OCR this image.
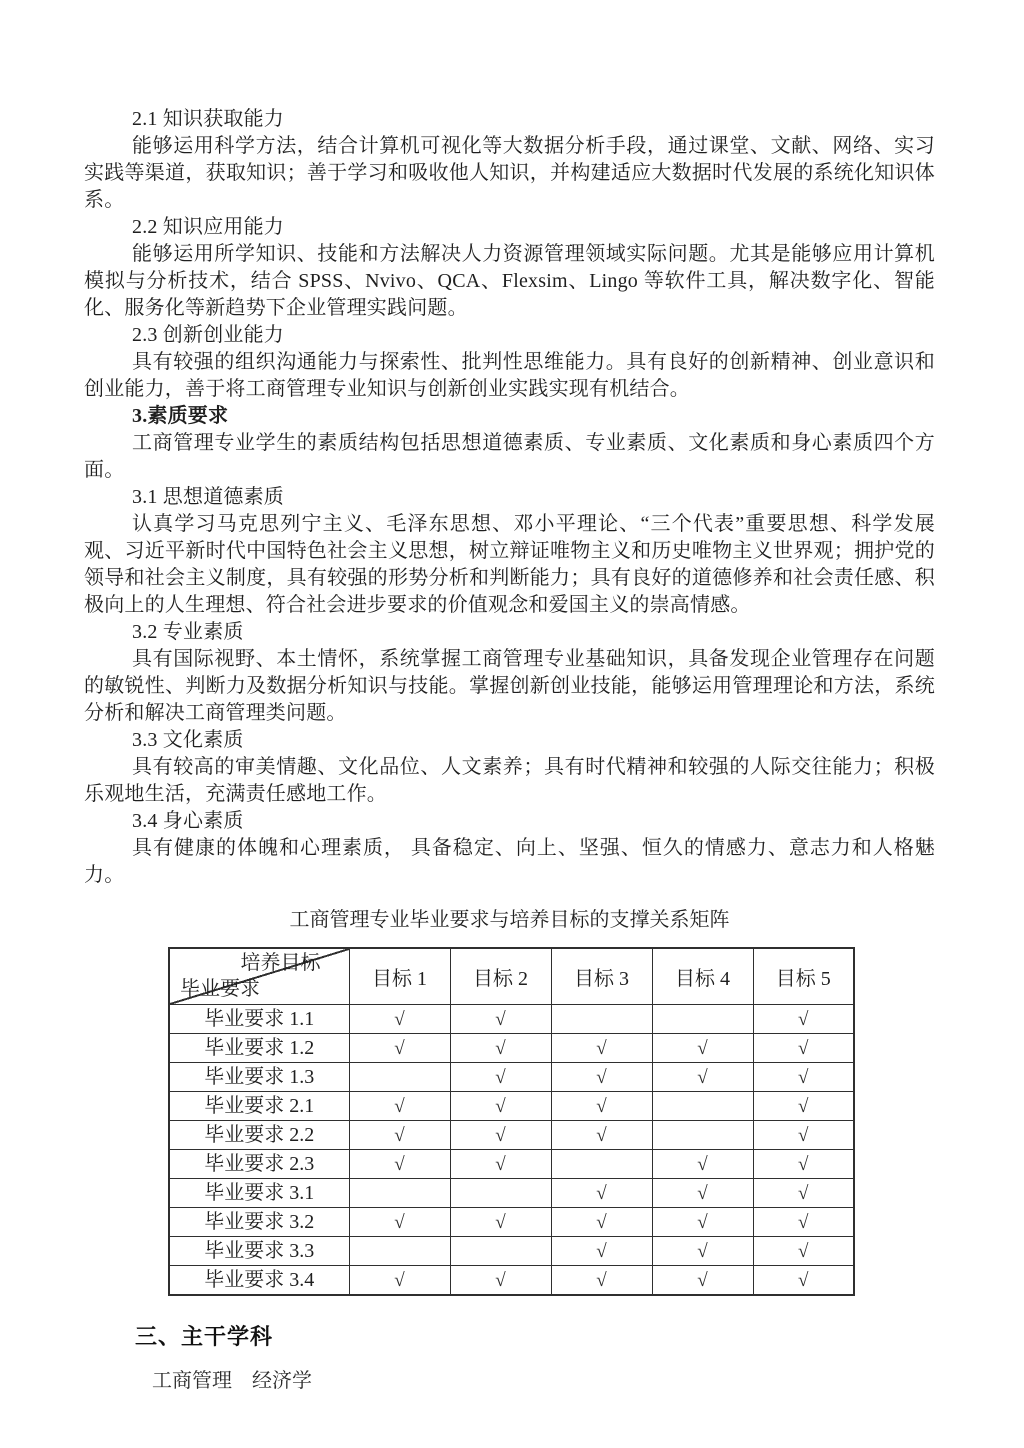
2.1 知识获取能力

能够运用科学方法，结合计算机可视化等大数据分析手段，通过课堂、文献、网络、实习实践等渠道，获取知识；善于学习和吸收他人知识，并构建适应大数据时代发展的系统化知识体系。

2.2 知识应用能力

能够运用所学知识、技能和方法解决人力资源管理领域实际问题。尤其是能够应用计算机模拟与分析技术，结合 SPSS、Nvivo、QCA、Flexsim、Lingo 等软件工具，解决数字化、智能化、服务化等新趋势下企业管理实践问题。

2.3 创新创业能力

具有较强的组织沟通能力与探索性、批判性思维能力。具有良好的创新精神、创业意识和创业能力，善于将工商管理专业知识与创新创业实践实现有机结合。

3.素质要求

工商管理专业学生的素质结构包括思想道德素质、专业素质、文化素质和身心素质四个方面。

3.1 思想道德素质

认真学习马克思列宁主义、毛泽东思想、邓小平理论、“三个代表”重要思想、科学发展观、习近平新时代中国特色社会主义思想，树立辩证唯物主义和历史唯物主义世界观；拥护党的领导和社会主义制度，具有较强的形势分析和判断能力；具有良好的道德修养和社会责任感、积极向上的人生理想、符合社会进步要求的价值观念和爱国主义的崇高情感。

3.2 专业素质

具有国际视野、本土情怀，系统掌握工商管理专业基础知识，具备发现企业管理存在问题的敏锐性、判断力及数据分析知识与技能。掌握创新创业技能，能够运用管理理论和方法，系统分析和解决工商管理类问题。

3.3 文化素质

具有较高的审美情趣、文化品位、人文素养；具有时代精神和较强的人际交往能力；积极乐观地生活，充满责任感地工作。

3.4 身心素质

具有健康的体魄和心理素质， 具备稳定、向上、坚强、恒久的情感力、意志力和人格魅力。

工商管理专业毕业要求与培养目标的支撑关系矩阵

培养目标
毕业要求	目标 1	目标 2	目标 3	目标 4	目标 5
毕业要求 1.1	√	√			√
毕业要求 1.2	√	√	√	√	√
毕业要求 1.3		√	√	√	√
毕业要求 2.1	√	√	√		√
毕业要求 2.2	√	√	√		√
毕业要求 2.3	√	√		√	√
毕业要求 3.1			√	√	√
毕业要求 3.2	√	√	√	√	√
毕业要求 3.3			√	√	√
毕业要求 3.4	√	√	√	√	√
三、主干学科

工商管理　经济学
